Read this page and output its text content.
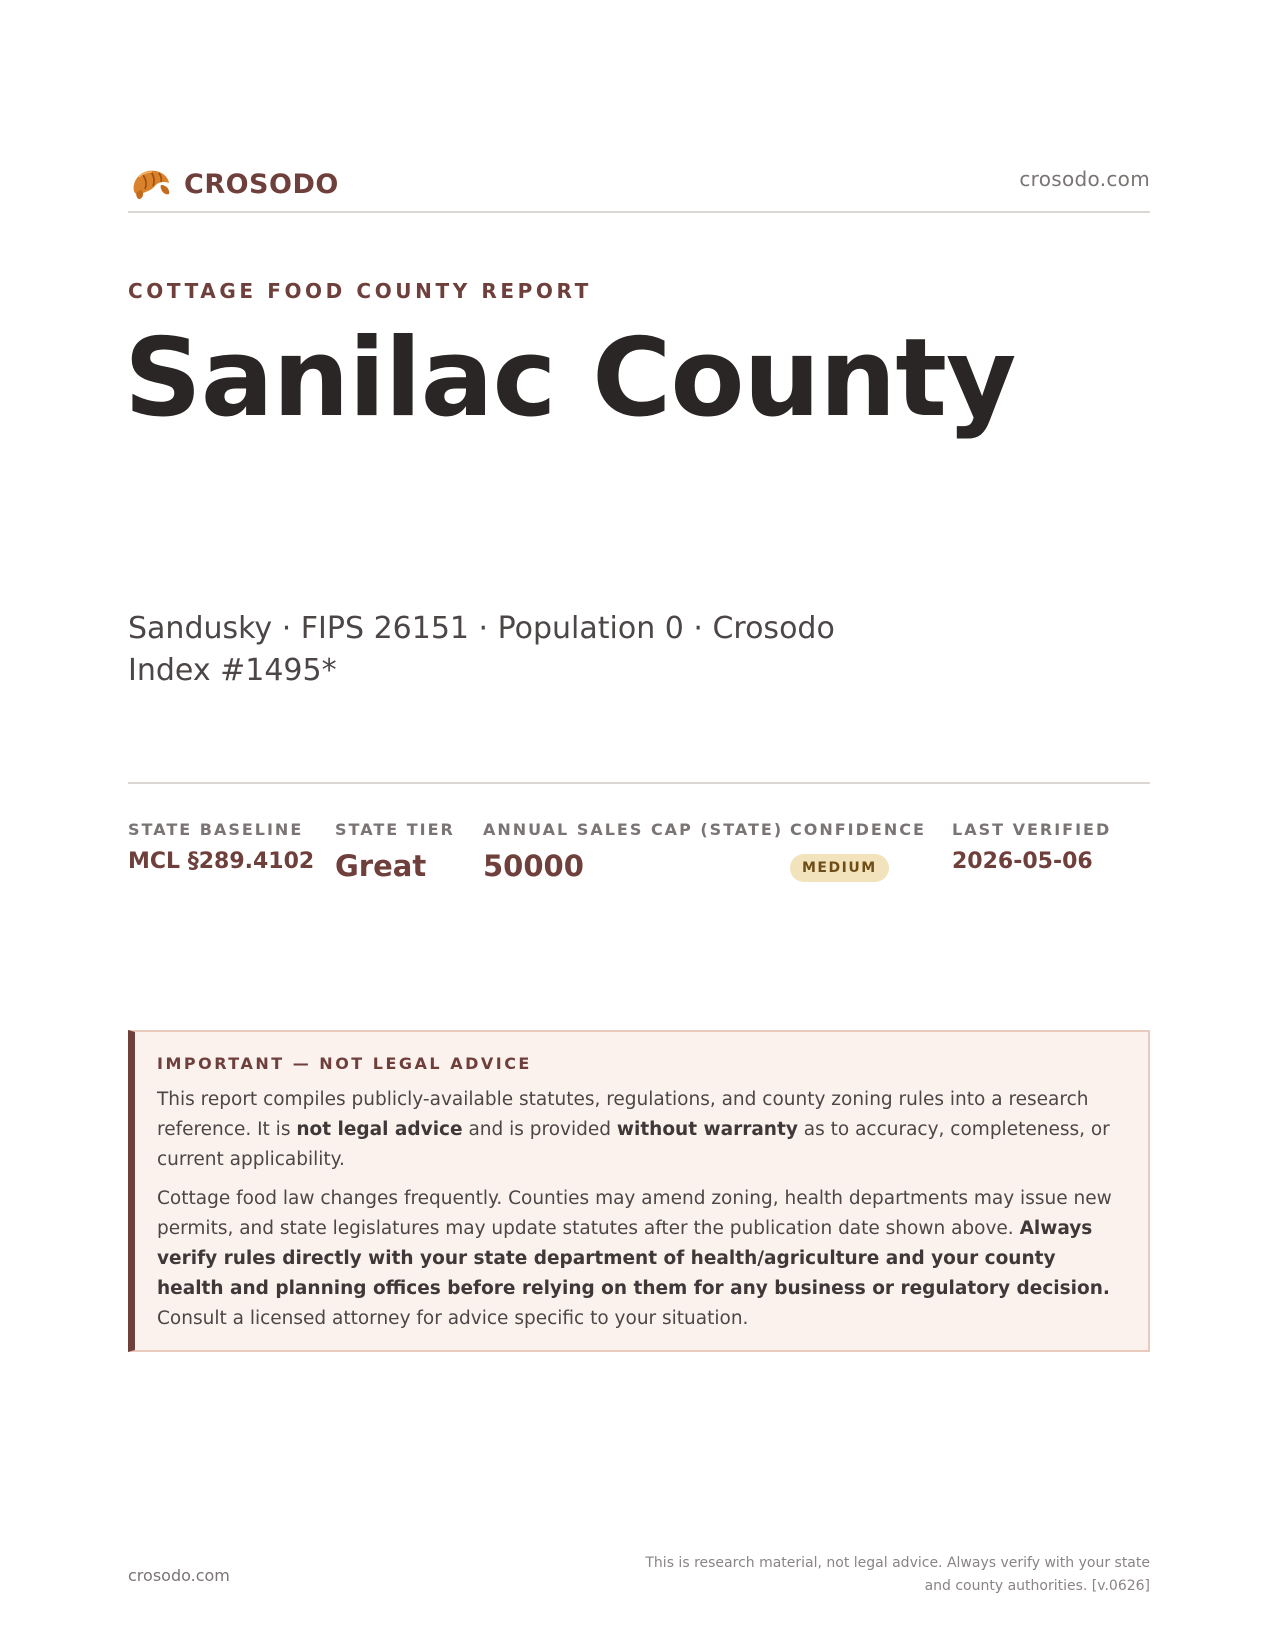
CROSODO	crosodo.com
COTTAGE FOOD COUNTY REPORT
Sanilac County
Sandusky · FIPS 26151 · Population 0 · Crosodo Index #1495*
STATE BASELINE
MCL §289.4102
STATE TIER
Great
ANNUAL SALES CAP (STATE)
50000
CONFIDENCE
MEDIUM
LAST VERIFIED
2026-05-06
IMPORTANT — NOT LEGAL ADVICE

This report compiles publicly-available statutes, regulations, and county zoning rules into a research reference. It is not legal advice and is provided without warranty as to accuracy, completeness, or current applicability.

Cottage food law changes frequently. Counties may amend zoning, health departments may issue new permits, and state legislatures may update statutes after the publication date shown above. Always verify rules directly with your state department of health/agriculture and your county health and planning offices before relying on them for any business or regulatory decision. Consult a licensed attorney for advice specific to your situation.

crosodo.com
This is research material, not legal advice. Always verify with your state and county authorities. [v.0626]
